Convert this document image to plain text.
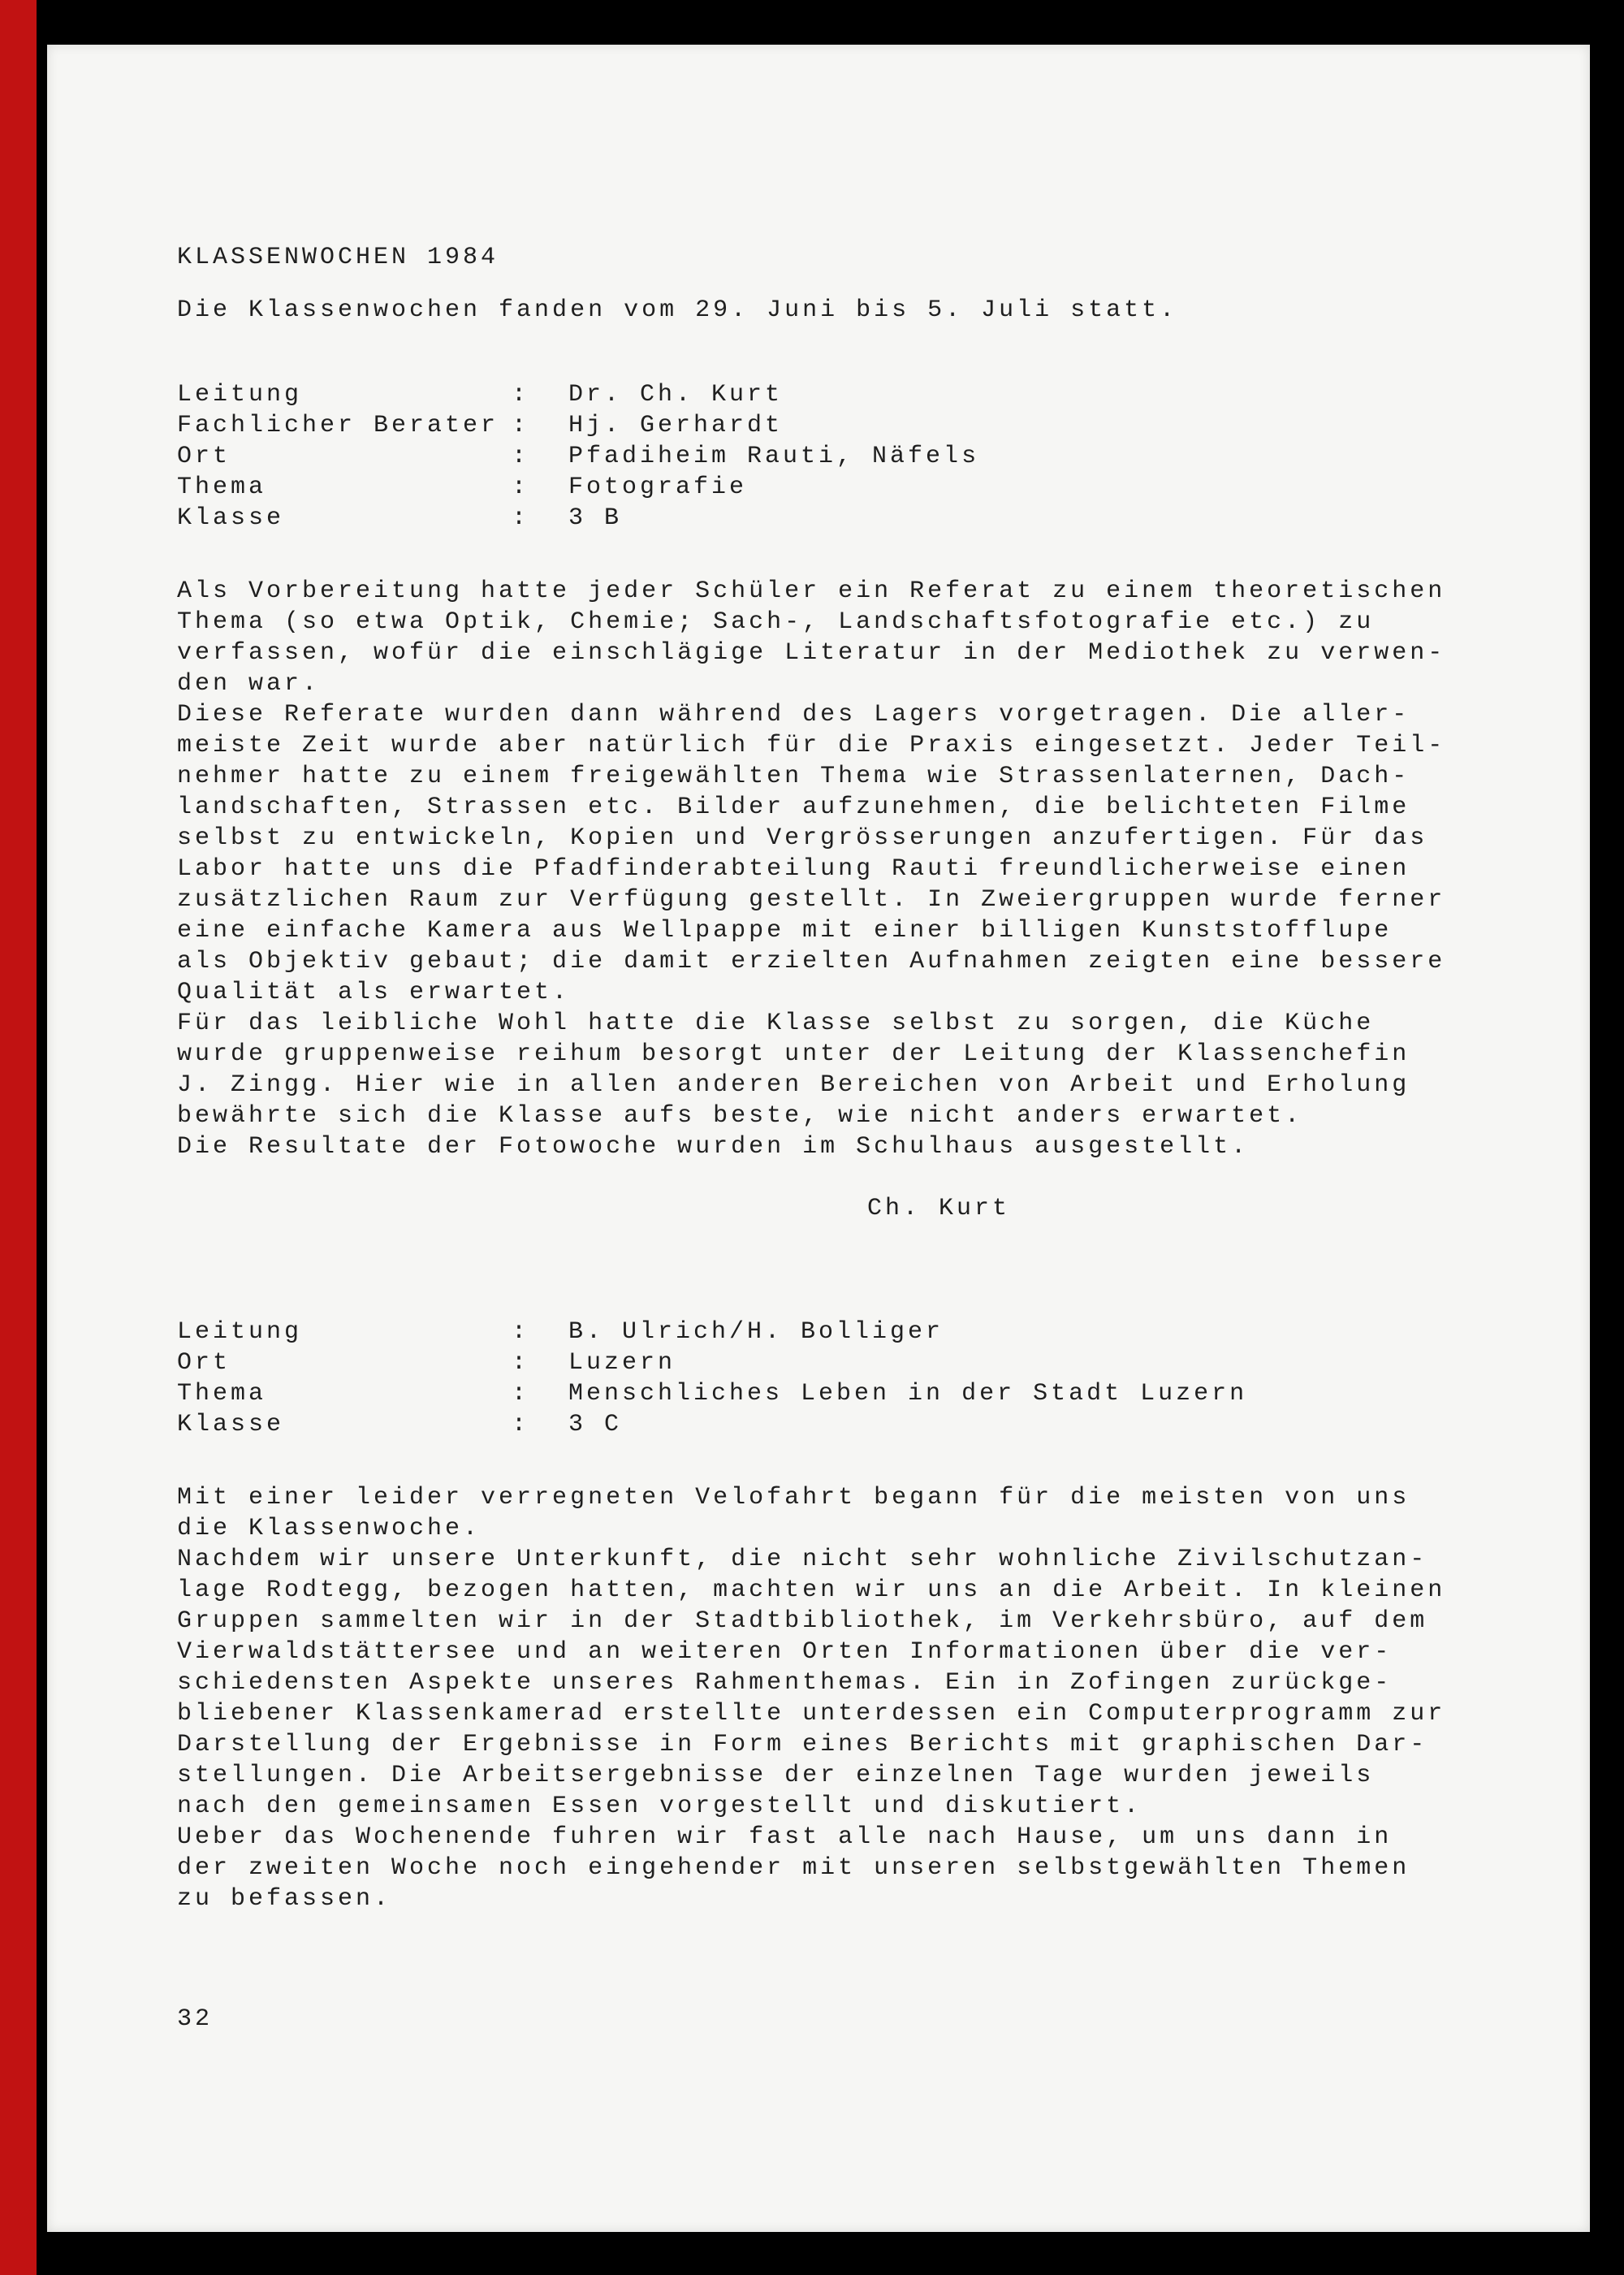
KLASSENWOCHEN 1984
Die Klassenwochen fanden vom 29. Juni bis 5. Juli statt.
Leitung	:	Dr. Ch. Kurt
Fachlicher Berater :	Hj. Gerhardt
Ort	:	Pfadiheim Rauti, Näfels
Thema	:	Fotografie
Klasse	:	3 B
Als Vorbereitung hatte jeder Schüler ein Referat zu einem theoretischen
Thema (so etwa Optik, Chemie; Sach-, Landschaftsfotografie etc.) zu
verfassen, wofür die einschlägige Literatur in der Mediothek zu verwen-
den war.
Diese Referate wurden dann während des Lagers vorgetragen. Die aller-
meiste Zeit wurde aber natürlich für die Praxis eingesetzt. Jeder Teil-
nehmer hatte zu einem freigewählten Thema wie Strassenlaternen, Dach-
landschaften, Strassen etc. Bilder aufzunehmen, die belichteten Filme
selbst zu entwickeln, Kopien und Vergrösserungen anzufertigen. Für das
Labor hatte uns die Pfadfinderabteilung Rauti freundlicherweise einen
zusätzlichen Raum zur Verfügung gestellt. In Zweiergruppen wurde ferner
eine einfache Kamera aus Wellpappe mit einer billigen Kunststofflupe
als Objektiv gebaut; die damit erzielten Aufnahmen zeigten eine bessere
Qualität als erwartet.
Für das leibliche Wohl hatte die Klasse selbst zu sorgen, die Küche
wurde gruppenweise reihum besorgt unter der Leitung der Klassenchefin
J. Zingg. Hier wie in allen anderen Bereichen von Arbeit und Erholung
bewährte sich die Klasse aufs beste, wie nicht anders erwartet.
Die Resultate der Fotowoche wurden im Schulhaus ausgestellt.
Ch. Kurt
Leitung	:	B. Ulrich/H. Bolliger
Ort	:	Luzern
Thema	:	Menschliches Leben in der Stadt Luzern
Klasse	:	3 C
Mit einer leider verregneten Velofahrt begann für die meisten von uns
die Klassenwoche.
Nachdem wir unsere Unterkunft, die nicht sehr wohnliche Zivilschutzan-
lage Rodtegg, bezogen hatten, machten wir uns an die Arbeit. In kleinen
Gruppen sammelten wir in der Stadtbibliothek, im Verkehrsbüro, auf dem
Vierwaldstättersee und an weiteren Orten Informationen über die ver-
schiedensten Aspekte unseres Rahmenthemas. Ein in Zofingen zurückge-
bliebener Klassenkamerad erstellte unterdessen ein Computerprogramm zur
Darstellung der Ergebnisse in Form eines Berichts mit graphischen Dar-
stellungen. Die Arbeitsergebnisse der einzelnen Tage wurden jeweils
nach den gemeinsamen Essen vorgestellt und diskutiert.
Ueber das Wochenende fuhren wir fast alle nach Hause, um uns dann in
der zweiten Woche noch eingehender mit unseren selbstgewählten Themen
zu befassen.
32
